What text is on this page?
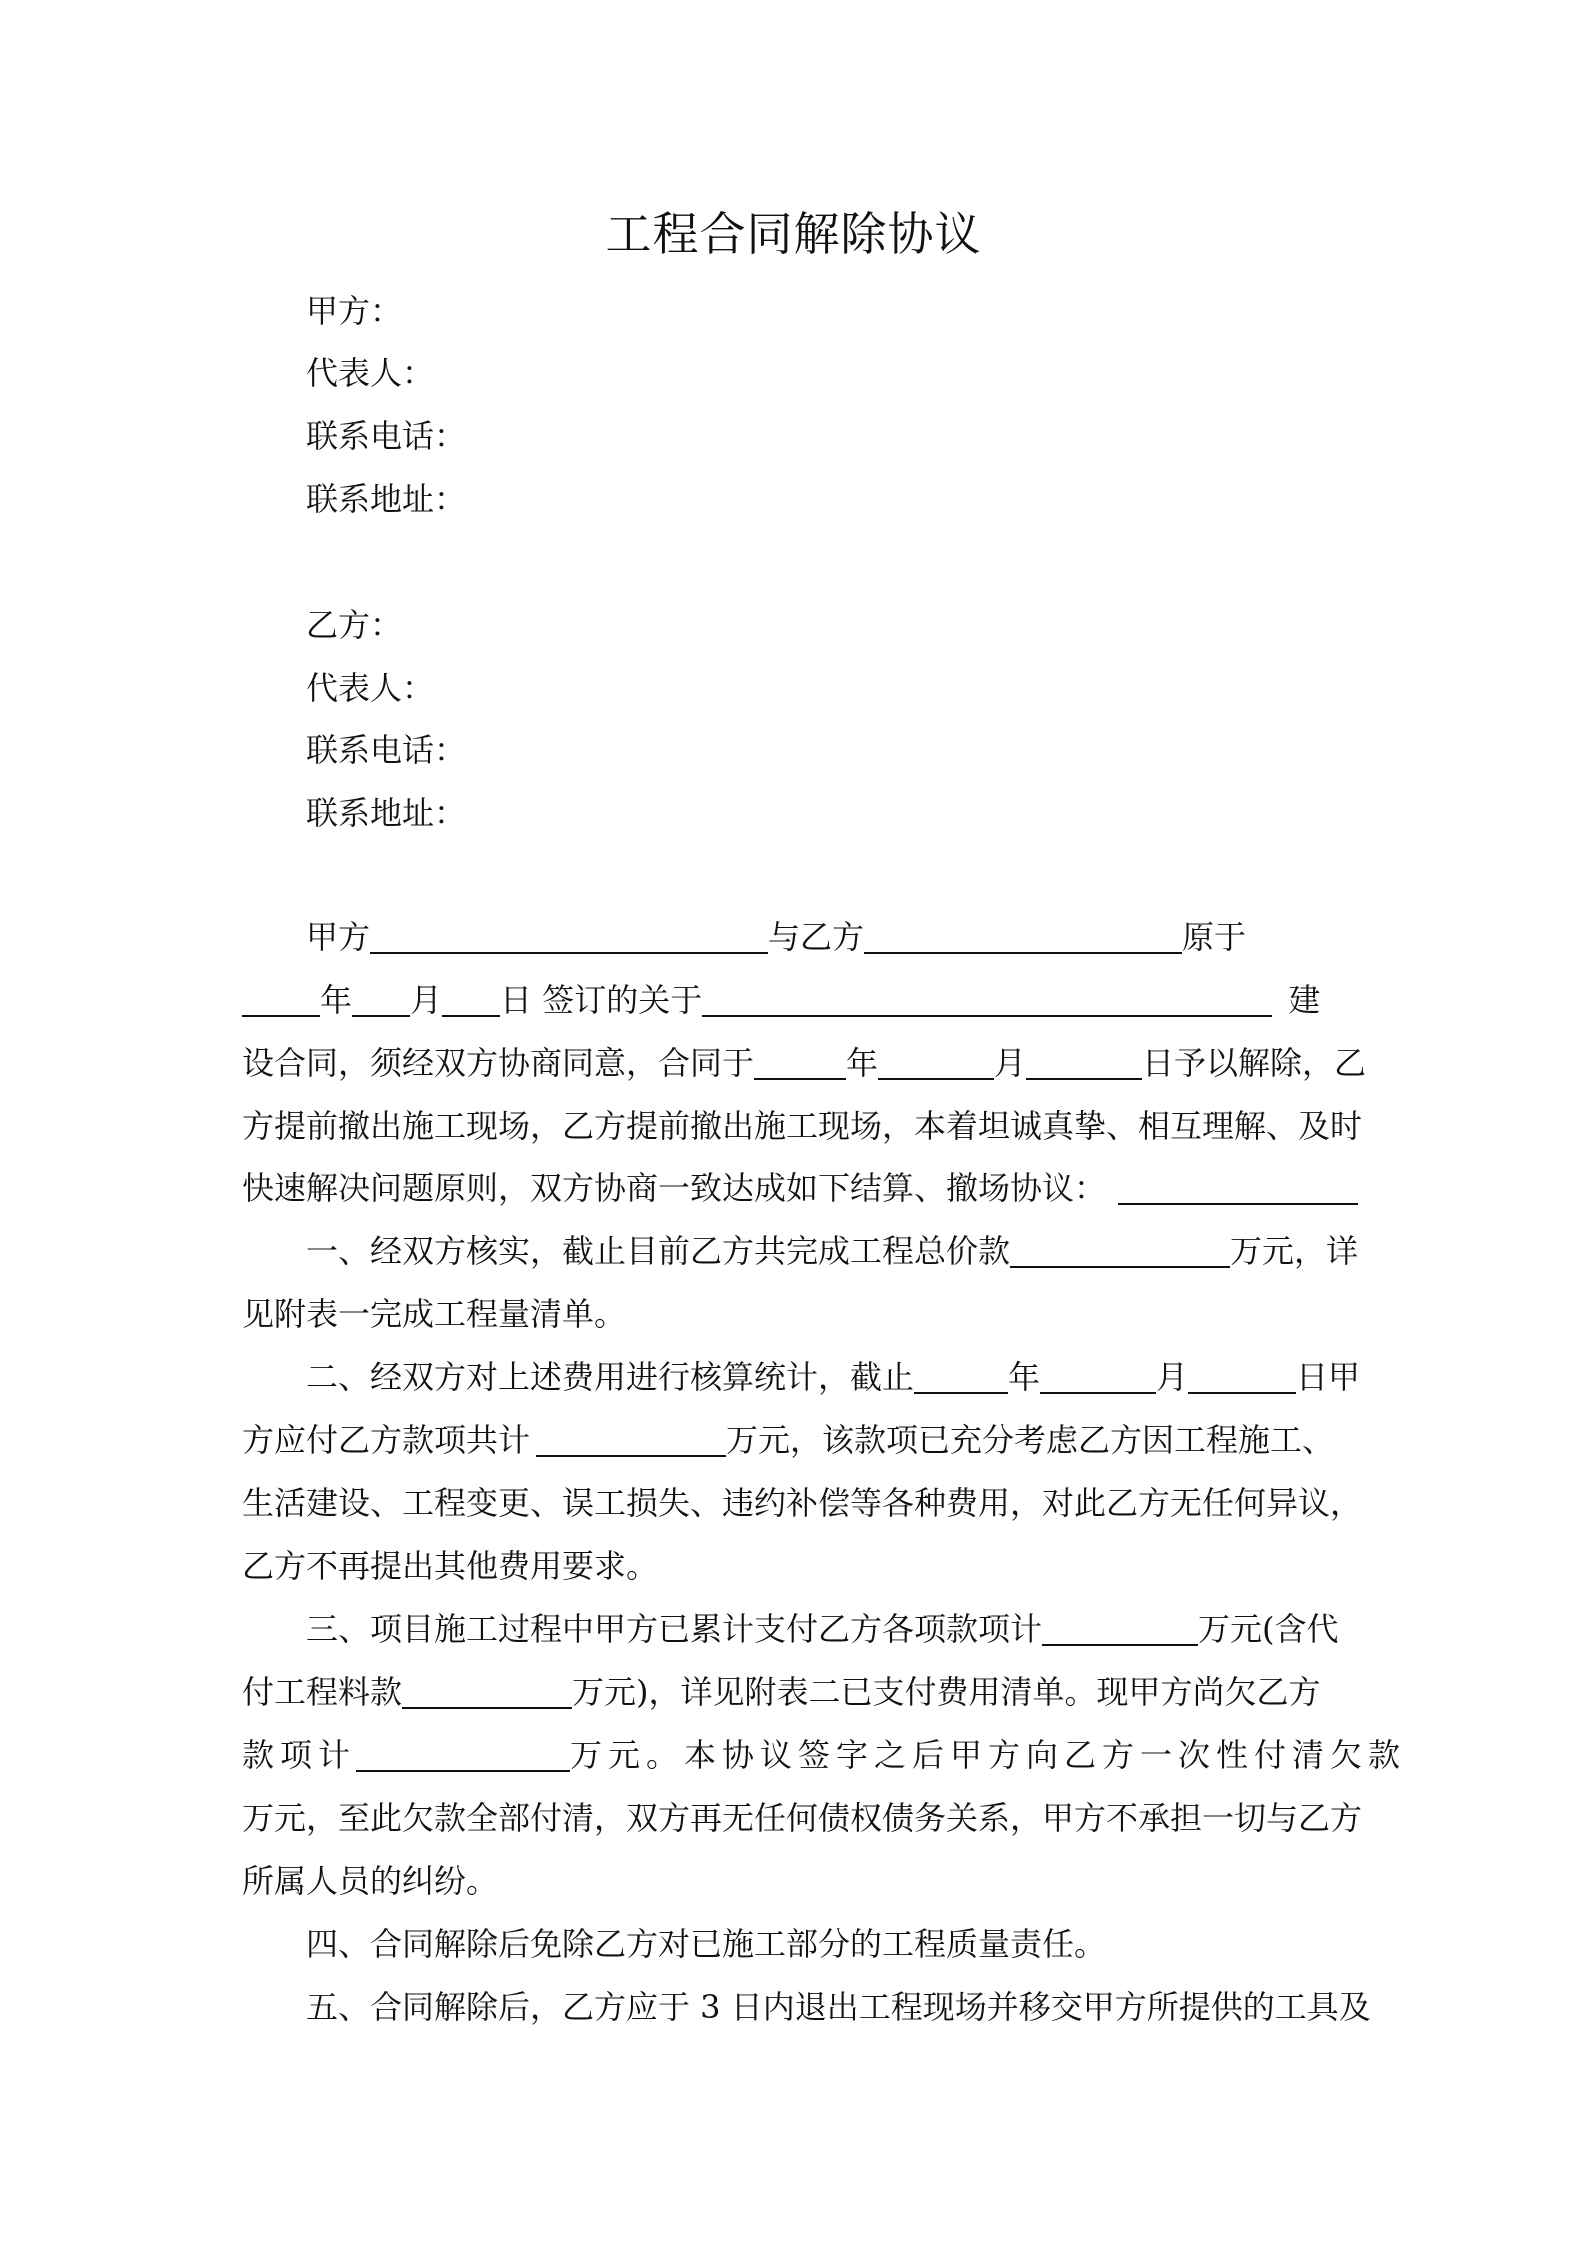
工程合同解除协议
甲方：
代表人：
联系电话：
联系地址：
乙方：
代表人：
联系电话：
联系地址：
甲方	与乙方	原于
年 月 日 签订的关于	建
设合同，须经双方协商同意，合同于	年	月	日予以解除，乙
方提前撤出施工现场，乙方提前撤出施工现场，本着坦诚真挚、相互理解、及时
快速解决问题原则，双方协商一致达成如下结算、撤场协议：
一、经双方核实，截止目前乙方共完成工程总价款	万元，详
见附表一完成工程量清单。
二、经双方对上述费用进行核算统计，截止	年	月	日甲
方应付乙方款项共计	万元，该款项已充分考虑乙方因工程施工、
生活建设、工程变更、误工损失、违约补偿等各种费用，对此乙方无任何异议，
乙方不再提出其他费用要求。
三、项目施工过程中甲方已累计支付乙方各项款项计	万元(含代
付工程料款	万元)，详见附表二已支付费用清单。现甲方尚欠乙方
款项计	万元。本协议签字之后甲方向乙方一次性付清欠款
万元，至此欠款全部付清，双方再无任何债权债务关系，甲方不承担一切与乙方
所属人员的纠纷。
四、合同解除后免除乙方对已施工部分的工程质量责任。
五、合同解除后，乙方应于 3 日内退出工程现场并移交甲方所提供的工具及
